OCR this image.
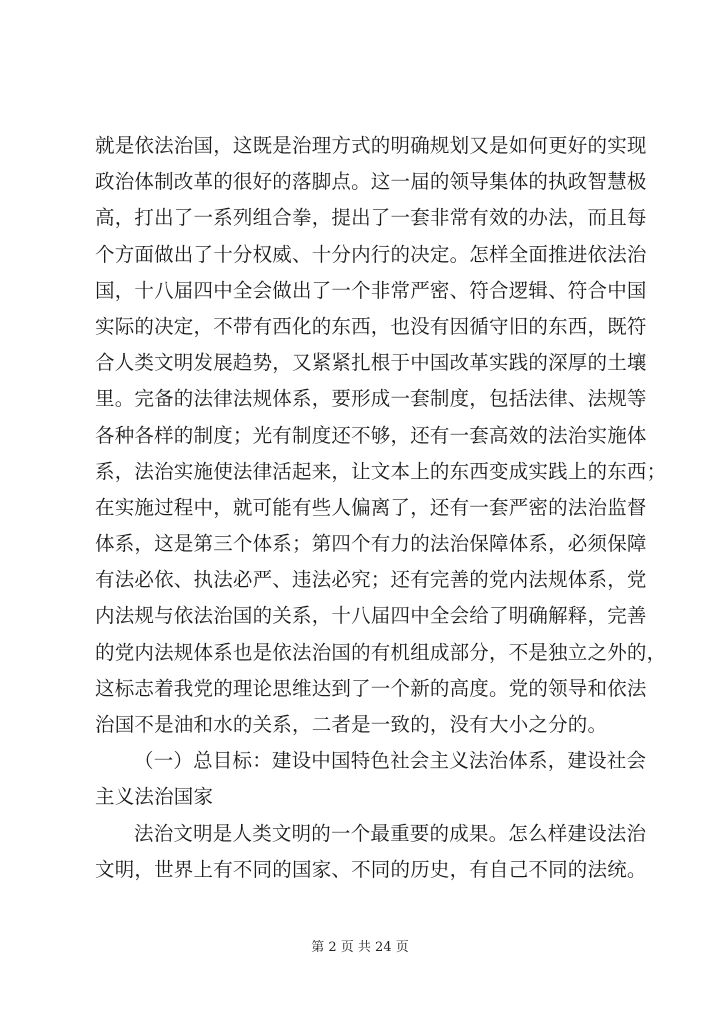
就是依法治国，这既是治理方式的明确规划又是如何更好的实现
政治体制改革的很好的落脚点。这一届的领导集体的执政智慧极
高，打出了一系列组合拳，提出了一套非常有效的办法，而且每
个方面做出了十分权威、十分内行的决定。怎样全面推进依法治
国，十八届四中全会做出了一个非常严密、符合逻辑、符合中国
实际的决定，不带有西化的东西，也没有因循守旧的东西，既符
合人类文明发展趋势，又紧紧扎根于中国改革实践的深厚的土壤
里。完备的法律法规体系，要形成一套制度，包括法律、法规等
各种各样的制度；光有制度还不够，还有一套高效的法治实施体
系，法治实施使法律活起来，让文本上的东西变成实践上的东西；
在实施过程中，就可能有些人偏离了，还有一套严密的法治监督
体系，这是第三个体系；第四个有力的法治保障体系，必须保障
有法必依、执法必严、违法必究；还有完善的党内法规体系，党
内法规与依法治国的关系，十八届四中全会给了明确解释，完善
的党内法规体系也是依法治国的有机组成部分，不是独立之外的，
这标志着我党的理论思维达到了一个新的高度。党的领导和依法
治国不是油和水的关系，二者是一致的，没有大小之分的。
（一）总目标：建设中国特色社会主义法治体系，建设社会
主义法治国家
法治文明是人类文明的一个最重要的成果。怎么样建设法治
文明，世界上有不同的国家、不同的历史，有自己不同的法统。
第 2 页 共 24 页
